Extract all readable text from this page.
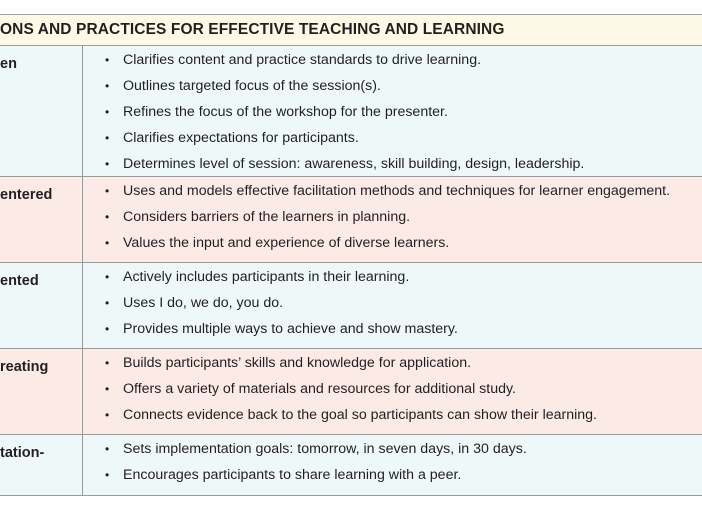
ONS AND PRACTICES FOR EFFECTIVE TEACHING AND LEARNING
en	• Clarifies content and practice standards to drive learning.
• Outlines targeted focus of the session(s).
• Refines the focus of the workshop for the presenter.
• Clarifies expectations for participants.
• Determines level of session: awareness, skill building, design, leadership.
entered	• Uses and models effective facilitation methods and techniques for learner engagement.
• Considers barriers of the learners in planning.
• Values the input and experience of diverse learners.
ented	• Actively includes participants in their learning.
• Uses I do, we do, you do.
• Provides multiple ways to achieve and show mastery.
reating	• Builds participants’ skills and knowledge for application.
• Offers a variety of materials and resources for additional study.
• Connects evidence back to the goal so participants can show their learning.
tation-	• Sets implementation goals: tomorrow, in seven days, in 30 days.
• Encourages participants to share learning with a peer.
